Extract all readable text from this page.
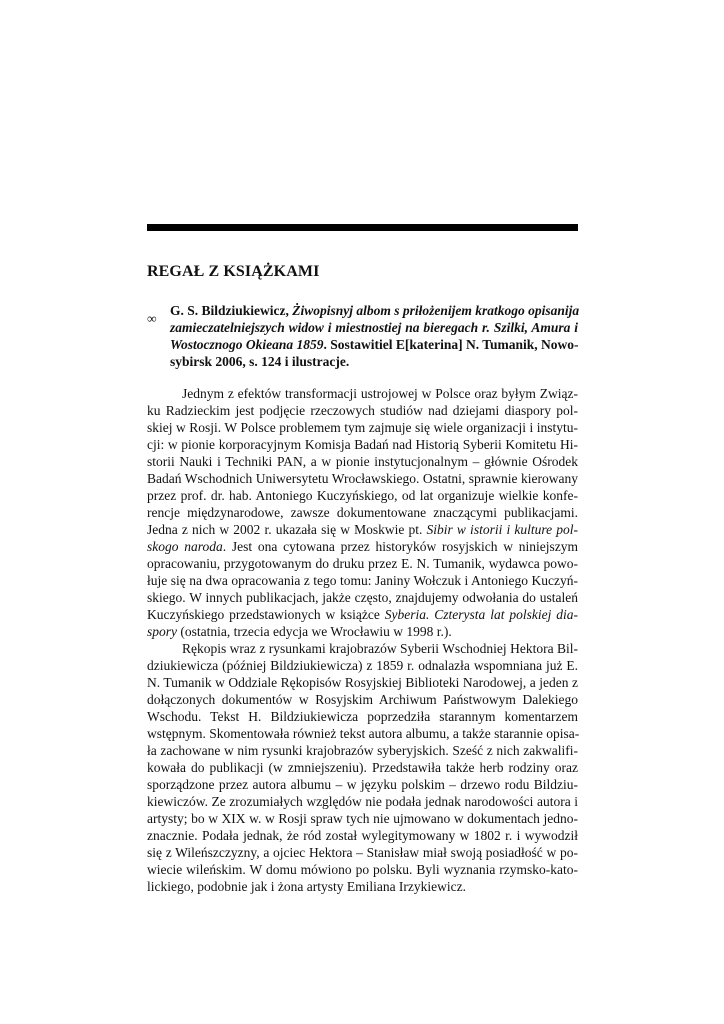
REGAŁ Z KSIĄŻKAMI
∞
G. S. Bildziukiewicz, Żiwopisnyj albom s priłożenijem kratkogo opisanija
zamieczatelniejszych widow i miestnostiej na bieregach r. Szilki, Amura i
Wostocznogo Okieana 1859. Sostawitiel E[katerina] N. Tumanik, Nowo-
sybirsk 2006, s. 124 i ilustracje.
Jednym z efektów transformacji ustrojowej w Polsce oraz byłym Związ-
ku Radzieckim jest podjęcie rzeczowych studiów nad dziejami diaspory pol-
skiej w Rosji. W Polsce problemem tym zajmuje się wiele organizacji i instytu-
cji: w pionie korporacyjnym Komisja Badań nad Historią Syberii Komitetu Hi-
storii Nauki i Techniki PAN, a w pionie instytucjonalnym – głównie Ośrodek
Badań Wschodnich Uniwersytetu Wrocławskiego. Ostatni, sprawnie kierowany
przez prof. dr. hab. Antoniego Kuczyńskiego, od lat organizuje wielkie konfe-
rencje międzynarodowe, zawsze dokumentowane znaczącymi publikacjami.
Jedna z nich w 2002 r. ukazała się w Moskwie pt. Sibir w istorii i kulture pol-
skogo naroda. Jest ona cytowana przez historyków rosyjskich w niniejszym
opracowaniu, przygotowanym do druku przez E. N. Tumanik, wydawca powo-
łuje się na dwa opracowania z tego tomu: Janiny Wołczuk i Antoniego Kuczyń-
skiego. W innych publikacjach, jakże często, znajdujemy odwołania do ustaleń
Kuczyńskiego przedstawionych w książce Syberia. Czterysta lat polskiej dia-
spory (ostatnia, trzecia edycja we Wrocławiu w 1998 r.).
Rękopis wraz z rysunkami krajobrazów Syberii Wschodniej Hektora Bil-
dziukiewicza (później Bildziukiewicza) z 1859 r. odnalazła wspomniana już E.
N. Tumanik w Oddziale Rękopisów Rosyjskiej Biblioteki Narodowej, a jeden z
dołączonych dokumentów w Rosyjskim Archiwum Państwowym Dalekiego
Wschodu. Tekst H. Bildziukiewicza poprzedziła starannym komentarzem
wstępnym. Skomentowała również tekst autora albumu, a także starannie opisa-
ła zachowane w nim rysunki krajobrazów syberyjskich. Sześć z nich zakwalifi-
kowała do publikacji (w zmniejszeniu). Przedstawiła także herb rodziny oraz
sporządzone przez autora albumu – w języku polskim – drzewo rodu Bildziu-
kiewiczów. Ze zrozumiałych względów nie podała jednak narodowości autora i
artysty; bo w XIX w. w Rosji spraw tych nie ujmowano w dokumentach jedno-
znacznie. Podała jednak, że ród został wylegitymowany w 1802 r. i wywodził
się z Wileńszczyzny, a ojciec Hektora – Stanisław miał swoją posiadłość w po-
wiecie wileńskim. W domu mówiono po polsku. Byli wyznania rzymsko-kato-
lickiego, podobnie jak i żona artysty Emiliana Irzykiewicz.
